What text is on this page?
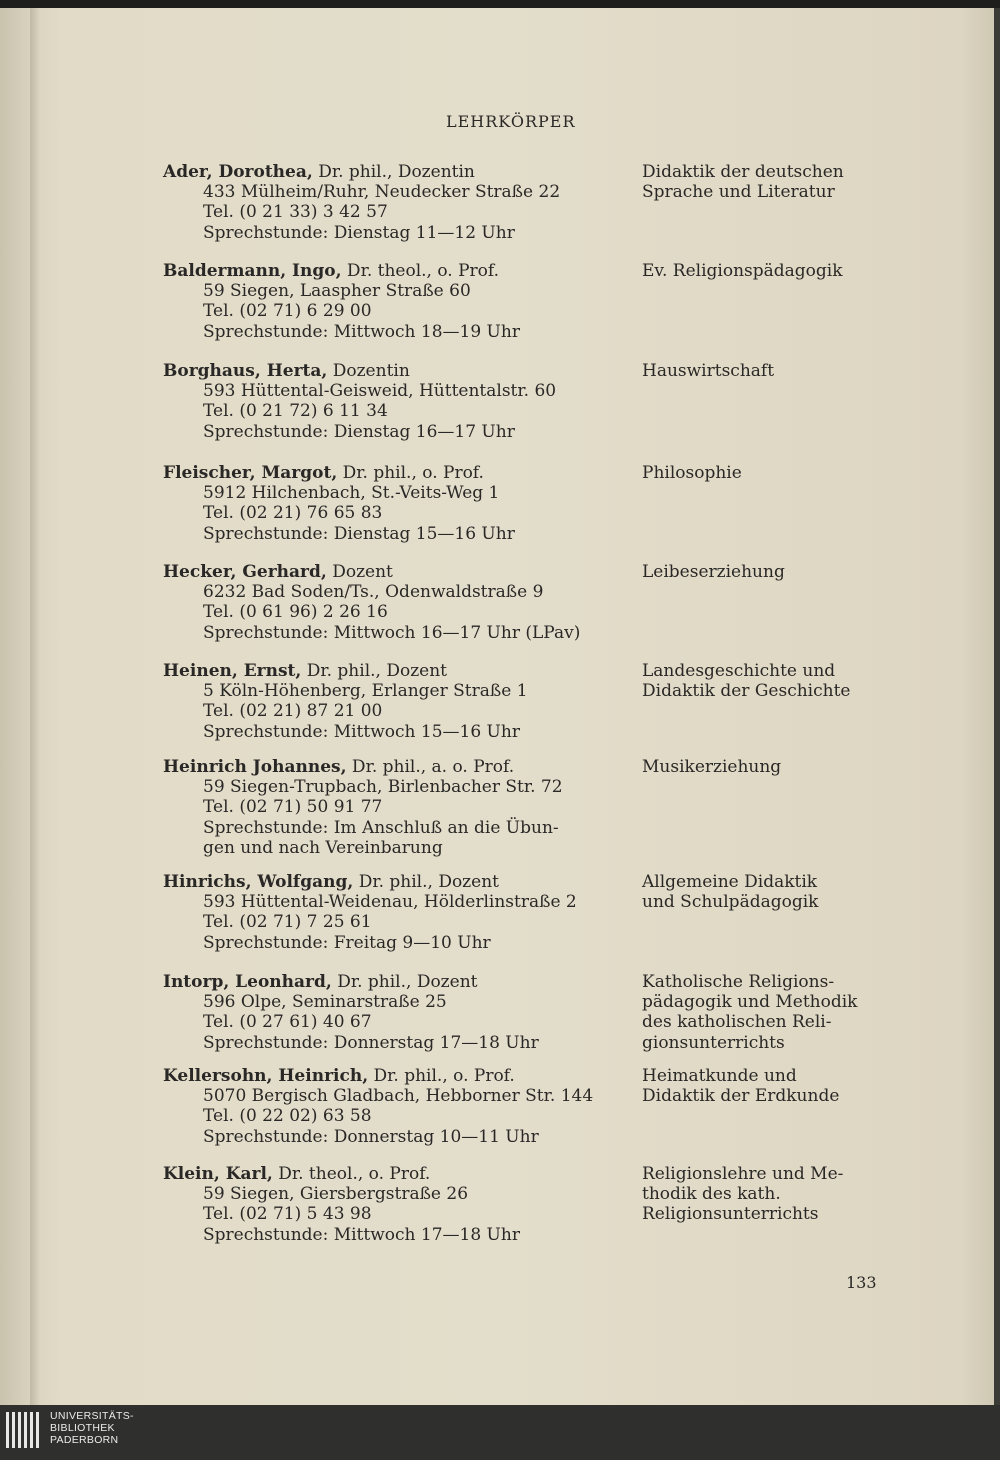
LEHRKÖRPER
Ader, Dorothea, Dr. phil., Dozentin
433 Mülheim/Ruhr, Neudecker Straße 22
Tel. (0 21 33) 3 42 57
Sprechstunde: Dienstag 11—12 Uhr
Didaktik der deutschen
Sprache und Literatur
Baldermann, Ingo, Dr. theol., o. Prof.
59 Siegen, Laaspher Straße 60
Tel. (02 71) 6 29 00
Sprechstunde: Mittwoch 18—19 Uhr
Ev. Religionspädagogik
Borghaus, Herta, Dozentin
593 Hüttental-Geisweid, Hüttentalstr. 60
Tel. (0 21 72) 6 11 34
Sprechstunde: Dienstag 16—17 Uhr
Hauswirtschaft
Fleischer, Margot, Dr. phil., o. Prof.
5912 Hilchenbach, St.-Veits-Weg 1
Tel. (02 21) 76 65 83
Sprechstunde: Dienstag 15—16 Uhr
Philosophie
Hecker, Gerhard, Dozent
6232 Bad Soden/Ts., Odenwaldstraße 9
Tel. (0 61 96) 2 26 16
Sprechstunde: Mittwoch 16—17 Uhr (LPav)
Leibeserziehung
Heinen, Ernst, Dr. phil., Dozent
5 Köln-Höhenberg, Erlanger Straße 1
Tel. (02 21) 87 21 00
Sprechstunde: Mittwoch 15—16 Uhr
Landesgeschichte und
Didaktik der Geschichte
Heinrich Johannes, Dr. phil., a. o. Prof.
59 Siegen-Trupbach, Birlenbacher Str. 72
Tel. (02 71) 50 91 77
Sprechstunde: Im Anschluß an die Übun-
gen und nach Vereinbarung
Musikerziehung
Hinrichs, Wolfgang, Dr. phil., Dozent
593 Hüttental-Weidenau, Hölderlinstraße 2
Tel. (02 71) 7 25 61
Sprechstunde: Freitag 9—10 Uhr
Allgemeine Didaktik
und Schulpädagogik
Intorp, Leonhard, Dr. phil., Dozent
596 Olpe, Seminarstraße 25
Tel. (0 27 61) 40 67
Sprechstunde: Donnerstag 17—18 Uhr
Katholische Religions-
pädagogik und Methodik
des katholischen Reli-
gionsunterrichts
Kellersohn, Heinrich, Dr. phil., o. Prof.
5070 Bergisch Gladbach, Hebborner Str. 144
Tel. (0 22 02) 63 58
Sprechstunde: Donnerstag 10—11 Uhr
Heimatkunde und
Didaktik der Erdkunde
Klein, Karl, Dr. theol., o. Prof.
59 Siegen, Giersbergstraße 26
Tel. (02 71) 5 43 98
Sprechstunde: Mittwoch 17—18 Uhr
Religionslehre und Me-
thodik des kath.
Religionsunterrichts
133
UNIVERSITÄTS-
BIBLIOTHEK
PADERBORN
